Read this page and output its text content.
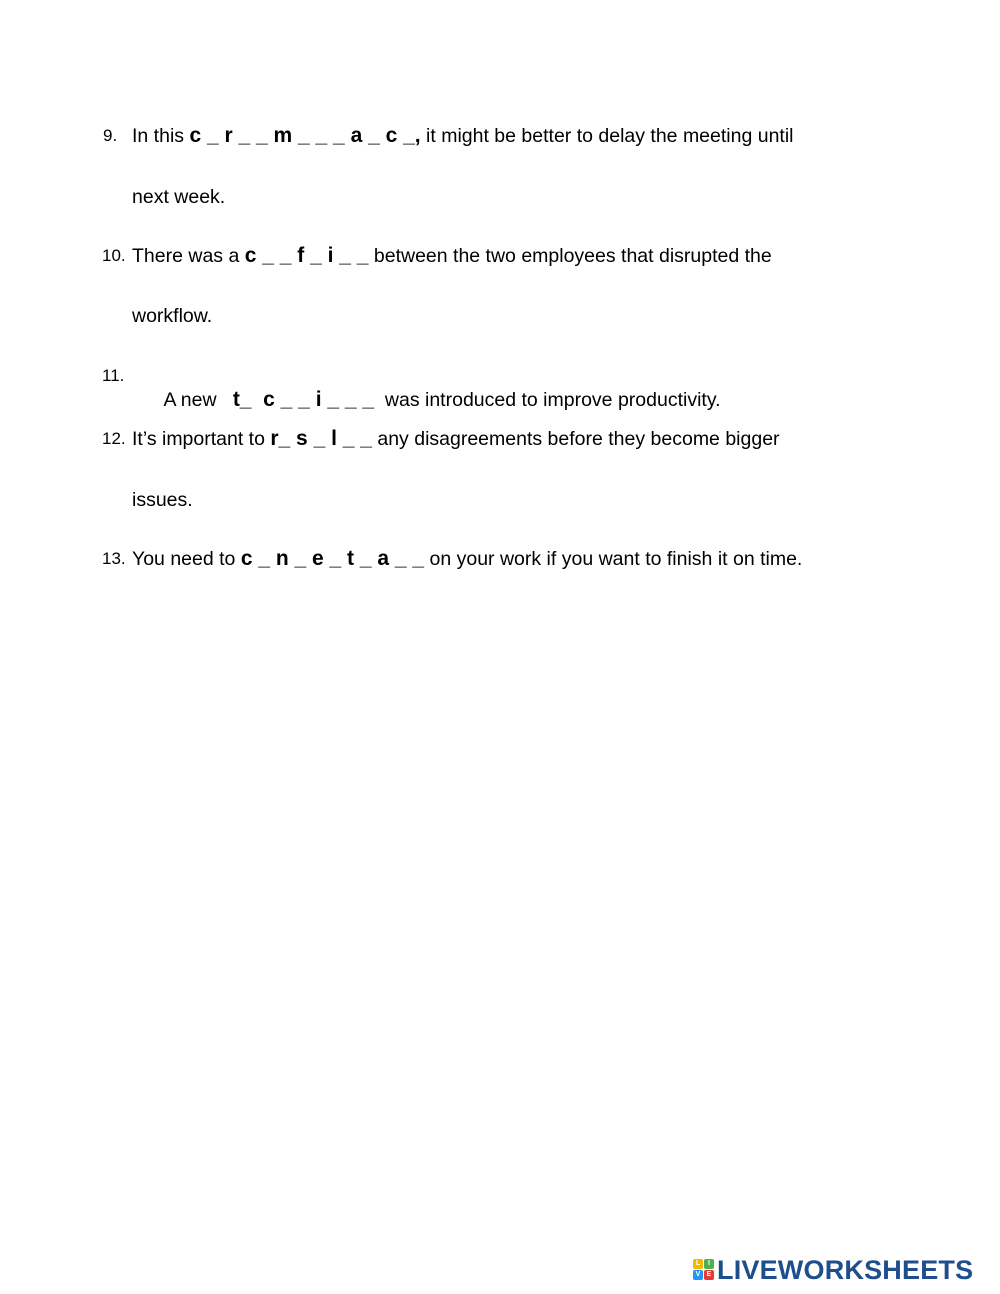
9. In this c _ r _ _ m _ _ _ a _ c _, it might be better to delay the meeting until
next week.
10. There was a c _ _ f _ i _ _ between the two employees that disrupted the
workflow.
11.

A new   t_  c _ _ i _ _ _  was introduced to improve productivity.

12. It’s important to r_ s _ l _ _ any disagreements before they become bigger
issues.
13. You need to c _ n _ e _ t _ a _ _ on your work if you want to finish it on time.
L	I
V E LIVEWORKSHEETS
